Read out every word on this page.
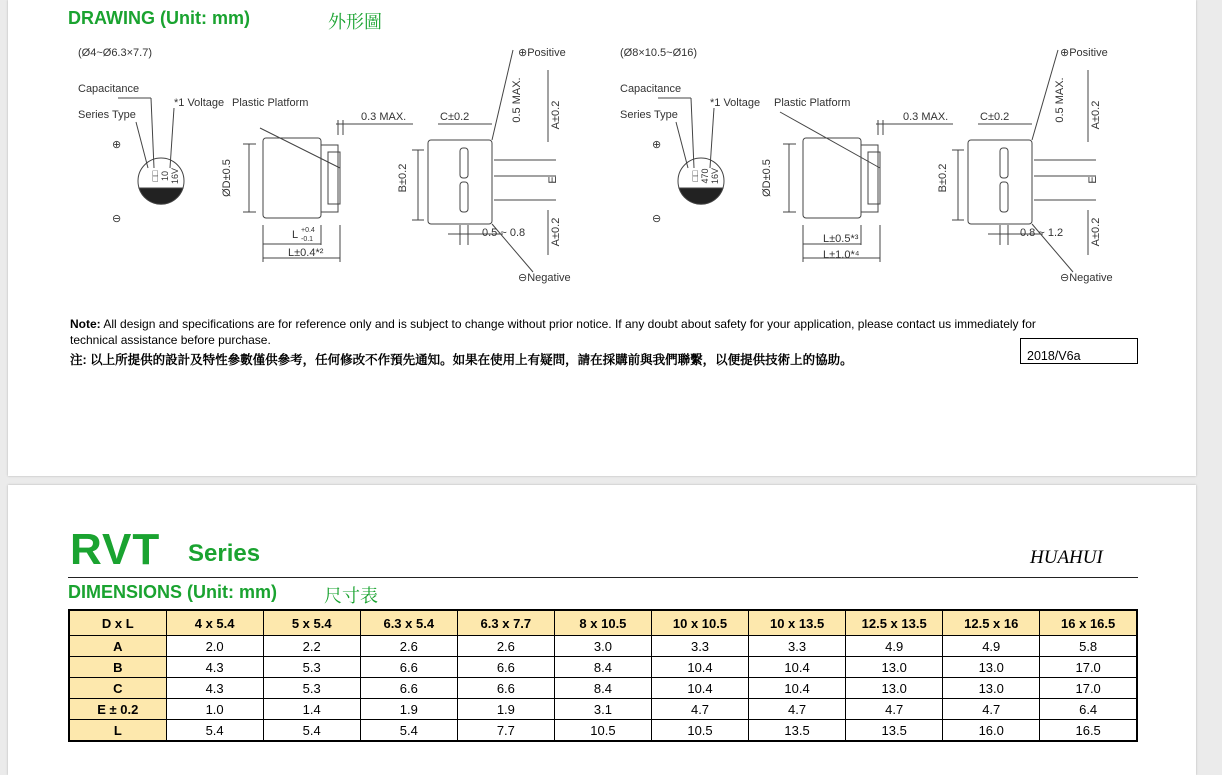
DRAWING (Unit: mm)	外形圖
(Ø4~Ø6.3×7.7)
Capacitance
Series Type
*1 Voltage Plastic Platform
⊕
⊖
□□ 10 16V
0.3 MAX.	C±0.2	0.5 MAX. A±0.2
A±0.2
ØD±0.5	B±0.2	E
0.5 ~ 0.8
L +0.4
-0.1
L±0.4*²
⊕Positive
⊖Negative
(Ø8×10.5~Ø16)
Capacitance
Series Type
*1 Voltage Plastic Platform
⊕
⊖
□□ 470 16V
0.3 MAX.	C±0.2	0.5 MAX. A±0.2
A±0.2
ØD±0.5	B±0.2	E
0.8 ~ 1.2
L±0.5*³
L±1.0*⁴
⊕Positive
⊖Negative
Note: All design and specifications are for reference only and is subject to change without prior notice. If any doubt about safety for your application, please contact us immediately for technical assistance before purchase.
注: 以上所提供的設計及特性參數僅供參考，任何修改不作預先通知。如果在使用上有疑問，請在採購前與我們聯繫，以便提供技術上的協助。	2018/V6a
RVT Series	HUAHUI
DIMENSIONS (Unit: mm)	尺寸表
D x L	4 x 5.4	5 x 5.4	6.3 x 5.4	6.3 x 7.7	8 x 10.5	10 x 10.5	10 x 13.5	12.5 x 13.5	12.5 x 16	16 x 16.5
A	2.0	2.2	2.6	2.6	3.0	3.3	3.3	4.9	4.9	5.8
B	4.3	5.3	6.6	6.6	8.4	10.4	10.4	13.0	13.0	17.0
C	4.3	5.3	6.6	6.6	8.4	10.4	10.4	13.0	13.0	17.0
E ± 0.2	1.0	1.4	1.9	1.9	3.1	4.7	4.7	4.7	4.7	6.4
L	5.4	5.4	5.4	7.7	10.5	10.5	13.5	13.5	16.0	16.5
